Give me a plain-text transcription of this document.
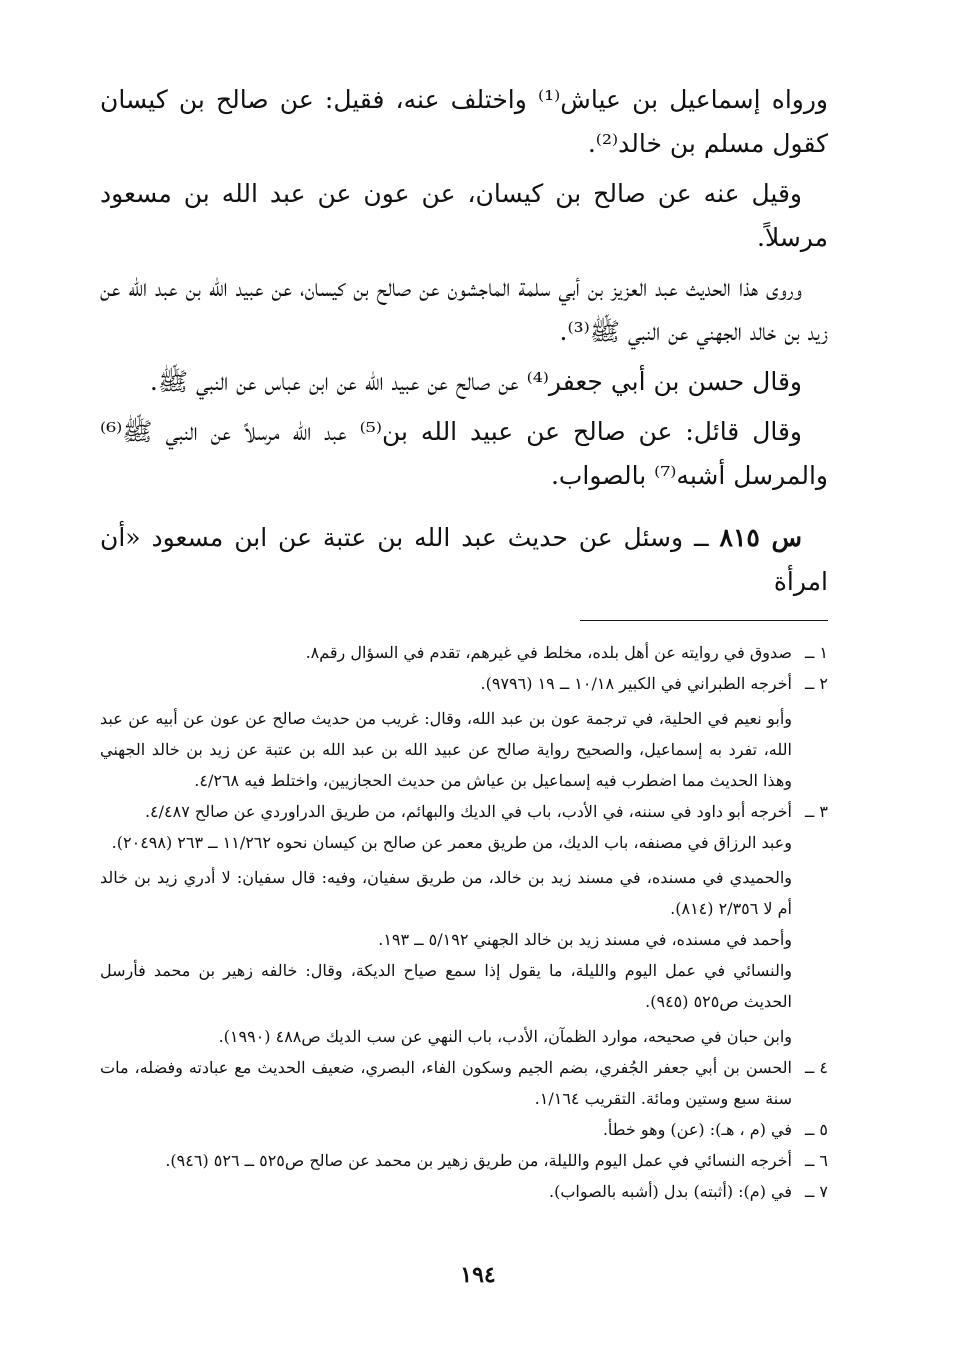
ورواه إسماعيل بن عياش⁽¹⁾ واختلف عنه، فقيل: عن صالح بن كيسان كقول مسلم بن خالد⁽²⁾.

وقيل عنه عن صالح بن كيسان، عن عون عن عبد الله بن مسعود مرسلاً.

وروى هذا الحديث عبد العزيز بن أبي سلمة الماجشون عن صالح بن كيسان، عن عبيد الله بن عبد الله عن زيد بن خالد الجهني عن النبي ﷺ⁽³⁾.

وقال حسن بن أبي جعفر⁽⁴⁾ عن صالح عن عبيد الله عن ابن عباس عن النبي ﷺ.

وقال قائل: عن صالح عن عبيد الله بن⁽⁵⁾ عبد الله مرسلاً عن النبي ﷺ⁽⁶⁾ والمرسل أشبه⁽⁷⁾ بالصواب.

س ٨١٥ ــ وسئل عن حديث عبد الله بن عتبة عن ابن مسعود «أن امرأة

١ ــ
صدوق في روايته عن أهل بلده، مخلط في غيرهم، تقدم في السؤال رقم٨.
٢ ــ
أخرجه الطبراني في الكبير ١٠/١٨ ــ ١٩ (٩٧٩٦).
وأبو نعيم في الحلية، في ترجمة عون بن عبد الله، وقال: غريب من حديث صالح عن عون عن أبيه عن عبد الله، تفرد به إسماعيل، والصحيح رواية صالح عن عبيد الله بن عبد الله بن عتبة عن زيد بن خالد الجهني وهذا الحديث مما اضطرب فيه إسماعيل بن عياش من حديث الحجازيين، واختلط فيه ٤/٢٦٨.
٣ ــ
أخرجه أبو داود في سننه، في الأدب، باب في الديك والبهائم، من طريق الدراوردي عن صالح ٤/٤٨٧.
وعبد الرزاق في مصنفه، باب الديك، من طريق معمر عن صالح بن كيسان نحوه ١١/٢٦٢ ــ ٢٦٣ (٢٠٤٩٨).
والحميدي في مسنده، في مسند زيد بن خالد، من طريق سفيان، وفيه: قال سفيان: لا أدري زيد بن خالد أم لا ٢/٣٥٦ (٨١٤).
وأحمد في مسنده، في مسند زيد بن خالد الجهني ٥/١٩٢ ــ ١٩٣.
والنسائي في عمل اليوم والليلة، ما يقول إذا سمع صياح الديكة، وقال: خالفه زهير بن محمد فأرسل الحديث ص٥٢٥ (٩٤٥).
وابن حبان في صحيحه، موارد الظمآن، الأدب، باب النهي عن سب الديك ص٤٨٨ (١٩٩٠).
٤ ــ
الحسن بن أبي جعفر الجُفري، بضم الجيم وسكون الفاء، البصري، ضعيف الحديث مع عبادته وفضله، مات سنة سبع وستين ومائة. التقريب ١/١٦٤.
٥ ــ
في (م ، هـ): (عن) وهو خطأ.
٦ ــ
أخرجه النسائي في عمل اليوم والليلة، من طريق زهير بن محمد عن صالح ص٥٢٥ ــ ٥٢٦ (٩٤٦).
٧ ــ
في (م): (أثبته) بدل (أشبه بالصواب).
١٩٤
